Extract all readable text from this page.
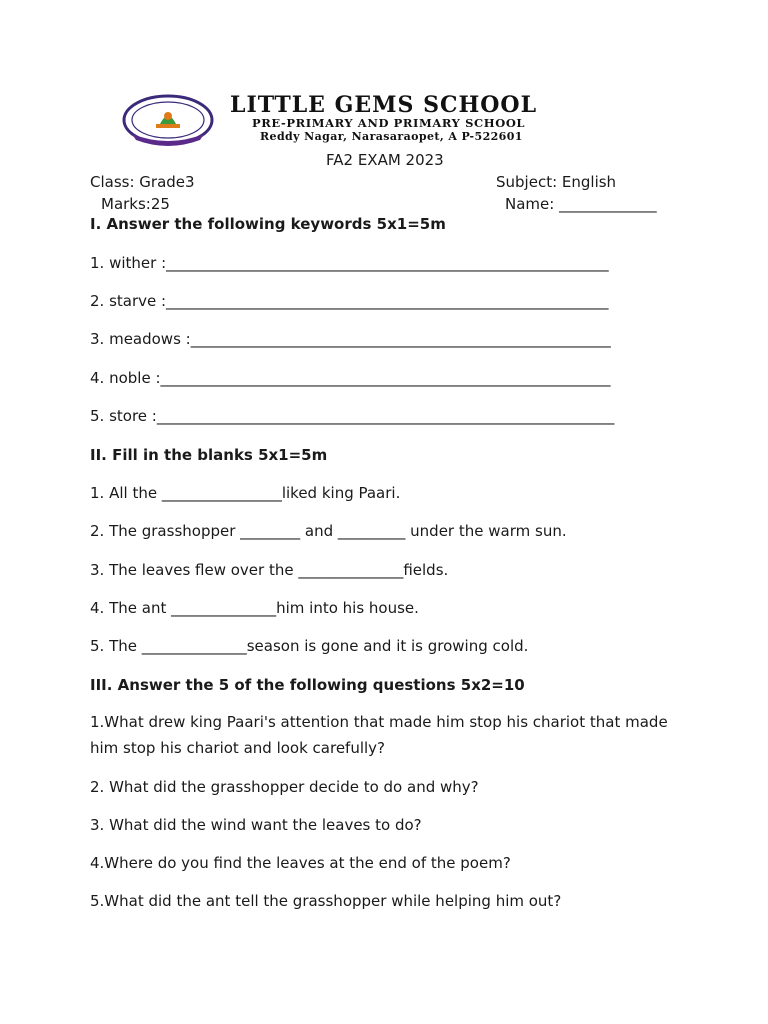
LITTLE GEMS SCHOOL
PRE-PRIMARY AND PRIMARY SCHOOL
Reddy Nagar, Narasaraopet, A P-522601
FA2 EXAM 2023
Class: Grade3
Marks:25
Subject: English
Name: _____________
I. Answer the following keywords 5x1=5m
1. wither :___________________________________________________________
2. starve :___________________________________________________________
3. meadows :________________________________________________________
4. noble :____________________________________________________________
5. store :_____________________________________________________________
II. Fill in the blanks 5x1=5m
1. All the ________________liked king Paari.
2. The grasshopper ________ and _________ under the warm sun.
3. The leaves flew over the ______________fields.
4. The ant ______________him into his house.
5. The ______________season is gone and it is growing cold.
III. Answer the 5 of the following questions 5x2=10
1.What drew king Paari's attention that made him stop his chariot that made him stop his chariot and look carefully?
2. What did the grasshopper decide to do and why?
3. What did the wind want the leaves to do?
4.Where do you find the leaves at the end of the poem?
5.What did the ant tell the grasshopper while helping him out?
